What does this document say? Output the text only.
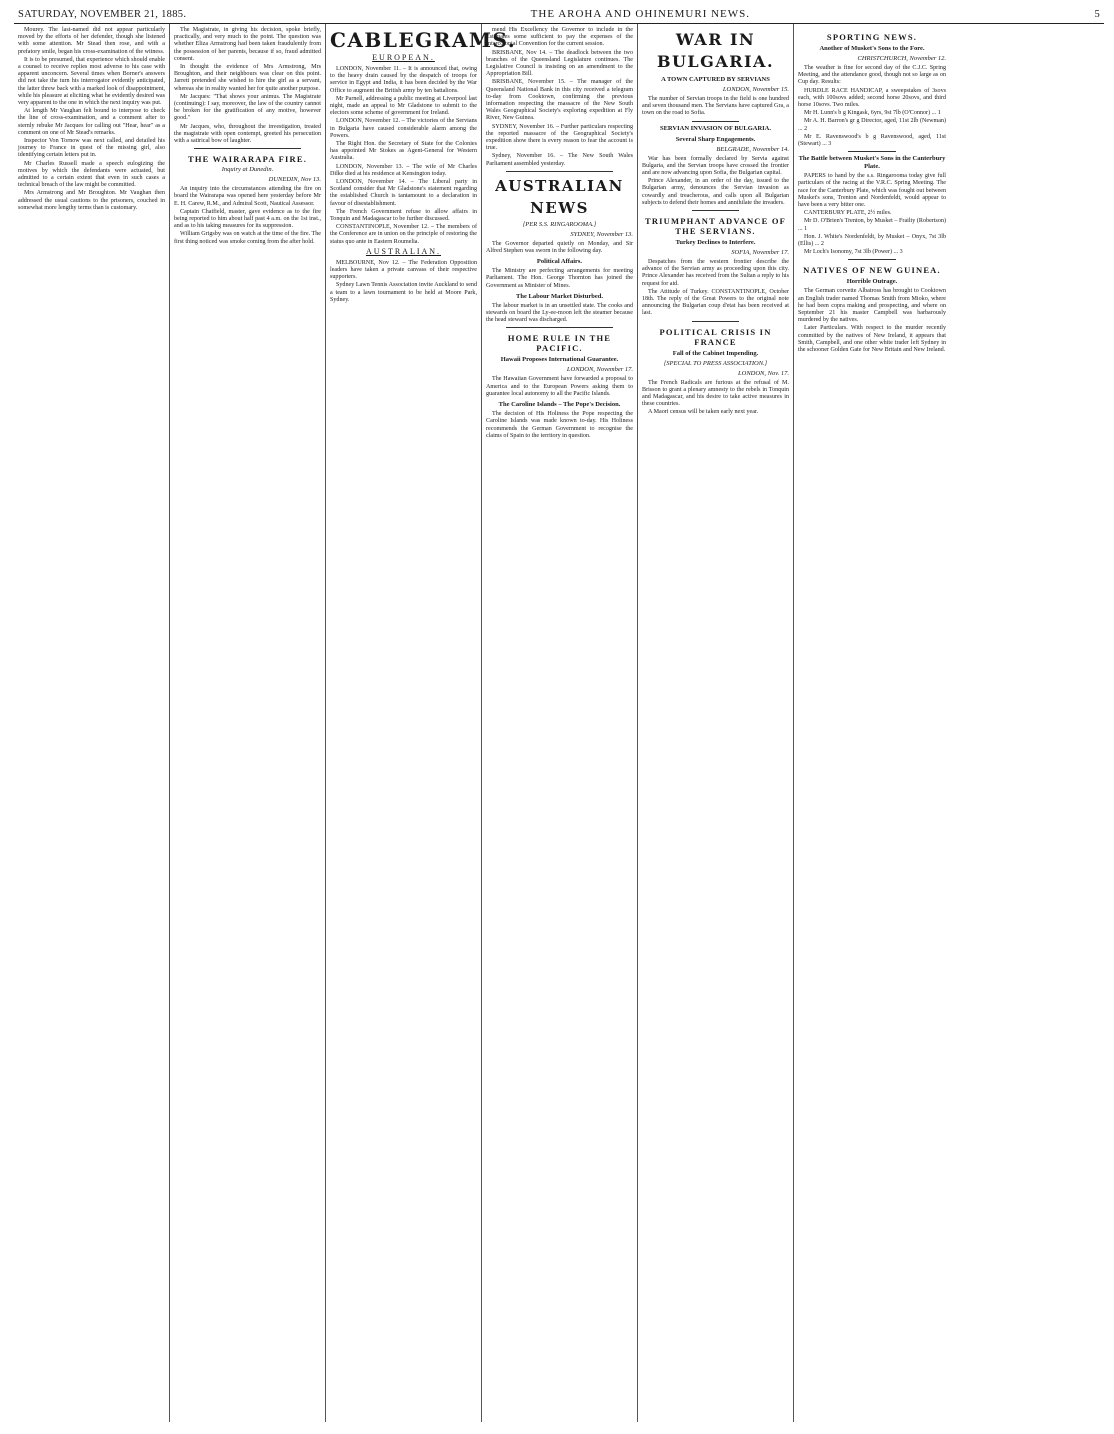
SATURDAY, NOVEMBER 21, 1885.	THE AROHA AND OHINEMURI NEWS.	5

Mourey. The last-named did not appear particularly moved by the efforts of her defender, though she listened with some attention. Mr Stead then rose, and with a prefatory smile, began his cross-examination of the witness.

It is to be presumed, that experience which should enable a counsel to receive replies most adverse to his case with apparent unconcern. Several times when Borner's answers did not take the turn his interrogator evidently anticipated, the latter threw back with a marked look of disappointment, while his pleasure at eliciting what he evidently desired was very apparent to the one in which the next inquiry was put.

At length Mr Vaughan felt bound to interpose to check the line of cross-examination, and a comment after to sternly rebuke Mr Jacques for calling out "Hear, hear" as a comment on one of Mr Stead's remarks.

Inspector Von Tornow was next called, and detailed his journey to France in quest of the missing girl, also identifying certain letters put in.

Mr Charles Russell made a speech eulogizing the motives by which the defendants were actuated, but admitted to a certain extent that even in such cases a technical breach of the law might be committed.

Mrs Armstrong and Mr Broughton. Mr Vaughan then addressed the usual cautions to the prisoners, couched in somewhat more lengthy terms than is customary.

The Magistrate, in giving his decision, spoke briefly, practically, and very much to the point. The question was whether Eliza Armstrong had been taken fraudulently from the possession of her parents, because if so, fraud admitted consent.

In thought the evidence of Mrs Armstrong, Mrs Broughton, and their neighbours was clear on this point. Jarrett pretended she wished to hire the girl as a servant, whereas she in reality wanted her for quite another purpose.

Mr Jacques: "That shows your animus. The Magistrate (continuing): I say, moreover, the law of the country cannot be broken for the gratification of any motive, however good."

Mr Jacques, who, throughout the investigation, treated the magistrate with open contempt, greeted his persecution with a satirical bow of laughter.

THE WAIRARAPA FIRE.
Inquiry at Dunedin.
DUNEDIN, Nov 13.

An inquiry into the circumstances attending the fire on board the Wairarapa was opened here yesterday before Mr E. H. Carew, R.M., and Admiral Scott, Nautical Assessor.

Captain Chatfield, master, gave evidence as to the fire being reported to him about half past 4 a.m. on the 1st inst., and as to his taking measures for its suppression.

William Grigsby was on watch at the time of the fire. The first thing noticed was smoke coming from the after hold.

CABLEGRAMS.
EUROPEAN.

LONDON, November 11. – It is announced that, owing to the heavy drain caused by the despatch of troops for service in Egypt and India, it has been decided by the War Office to augment the British army by ten battalions.

Mr Parnell, addressing a public meeting at Liverpool last night, made an appeal to Mr Gladstone to submit to the electors some scheme of government for Ireland.

LONDON, November 12. – The victories of the Servians in Bulgaria have caused considerable alarm among the Powers.

The Right Hon. the Secretary of State for the Colonies has appointed Mr Stokes as Agent-General for Western Australia.

LONDON, November 13. – The wife of Mr Charles Dilke died at his residence at Kensington today.

LONDON, November 14. – The Liberal party in Scotland consider that Mr Gladstone's statement regarding the established Church is tantamount to a declaration in favour of disestablishment.

The French Government refuse to allow affairs in Tonquin and Madagascar to be further discussed.

CONSTANTINOPLE, November 12. – The members of the Conference are in union on the principle of restoring the status quo ante in Eastern Roumelia.

AUSTRALIAN.

MELBOURNE, Nov 12. – The Federation Opposition leaders have taken a private canvass of their respective supporters.

Sydney Lawn Tennis Association invite Auckland to send a team to a lawn tournament to be held at Moore Park, Sydney.

mend His Excellency the Governor to include in the Estimates some sufficient to pay the expenses of the Intercolonial Convention for the current session.

BRISBANE, Nov 14. – The deadlock between the two branches of the Queensland Legislature continues. The Legislative Council is insisting on an amendment to the Appropriation Bill.

BRISBANE, November 15. – The manager of the Queensland National Bank in this city received a telegram to-day from Cooktown, confirming the previous information respecting the massacre of the New South Wales Geographical Society's exploring expedition at Fly River, New Guinea.

SYDNEY, November 16. – Further particulars respecting the reported massacre of the Geographical Society's expedition show there is every reason to fear the account is true.

Sydney, November 16. – The New South Wales Parliament assembled yesterday.

AUSTRALIAN NEWS
[PER S.S. RINGAROOMA.]
SYDNEY, November 13.

The Governor departed quietly on Monday, and Sir Alfred Stephen was sworn in the following day.

Political Affairs.

The Ministry are perfecting arrangements for meeting Parliament. The Hon. George Thornton has joined the Government as Minister of Mines.

The Labour Market Disturbed.

The labour market is in an unsettled state. The cooks and stewards on board the Ly-ee-moon left the steamer because the head steward was discharged.

HOME RULE IN THE PACIFIC.
Hawaii Proposes International Guarantee.
LONDON, November 17.

The Hawaiian Government have forwarded a proposal to America and to the European Powers asking them to guarantee local autonomy to all the Pacific Islands.

The Caroline Islands – The Pope's Decision.

The decision of His Holiness the Pope respecting the Caroline Islands was made known to-day. His Holiness recommends the German Government to recognise the claims of Spain to the territory in question.

WAR IN BULGARIA.
A TOWN CAPTURED BY SERVIANS
LONDON, November 15.

The number of Servian troops in the field is one hundred and seven thousand men. The Servians have captured Gra, a town on the road to Sofia.

SERVIAN INVASION OF BULGARIA.
Several Sharp Engagements.
BELGRADE, November 14.

War has been formally declared by Servia against Bulgaria, and the Servian troops have crossed the frontier and are now advancing upon Sofia, the Bulgarian capital.

Prince Alexander, in an order of the day, issued to the Bulgarian army, denounces the Servian invasion as cowardly and treacherous, and calls upon all Bulgarian subjects to defend their homes and annihilate the invaders.

TRIUMPHANT ADVANCE OF THE SERVIANS.
Turkey Declines to Interfere.
SOFIA, November 17.

Despatches from the western frontier describe the advance of the Servian army as proceeding upon this city. Prince Alexander has received from the Sultan a reply to his request for aid.

The Attitude of Turkey. CONSTANTINOPLE, October 18th. The reply of the Great Powers to the original note announcing the Bulgarian coup d'etat has been received at last.

POLITICAL CRISIS IN FRANCE
Fall of the Cabinet Impending.
[SPECIAL TO PRESS ASSOCIATION.]
LONDON, Nov. 17.

The French Radicals are furious at the refusal of M. Brisson to grant a plenary amnesty to the rebels in Tonquin and Madagascar, and his desire to take active measures in these countries.

A Maori census will be taken early next year.

SPORTING NEWS.
Another of Musket's Sons to the Fore.
CHRISTCHURCH, November 12.

The weather is fine for second day of the C.J.C. Spring Meeting, and the attendance good, though not so large as on Cup day. Results:

HURDLE RACE HANDICAP, a sweepstakes of 3sovs each, with 100sovs added; second horse 20sovs, and third horse 10sovs. Two miles.

Mr H. Lunn's b g Kingask, 6yrs, 9st 7lb (O'Connor) ... 1

Mr A. H. Barron's gr g Director, aged, 11st 2lb (Newman) ... 2

Mr E. Ravenswood's b g Ravenswood, aged, 11st (Stewart) ... 3

The Battle between Musket's Sons in the Canterbury Plate.

PAPERS to hand by the s.s. Ringarooma today give full particulars of the racing at the V.R.C. Spring Meeting. The race for the Canterbury Plate, which was fought out between Musket's sons, Trenton and Nordenfeldt, would appear to have been a very bitter one.

CANTERBURY PLATE, 2½ miles.

Mr D. O'Brien's Trenton, by Musket – Frailty (Robertson) ... 1

Hon. J. White's Nordenfeldt, by Musket – Onyx, 7st 3lb (Ellis) ... 2

Mr Loch's Isonomy, 7st 3lb (Power) ... 3

NATIVES OF NEW GUINEA.
Horrible Outrage.

The German corvette Albatross has brought to Cooktown an English trader named Thomas Smith from Mioko, where he had been copra making and prospecting, and where on September 21 his master Campbell was barbarously murdered by the natives.

Later Particulars. With respect to the murder recently committed by the natives of New Ireland, it appears that Smith, Campbell, and one other white trader left Sydney in the schooner Golden Gate for New Britain and New Ireland.
